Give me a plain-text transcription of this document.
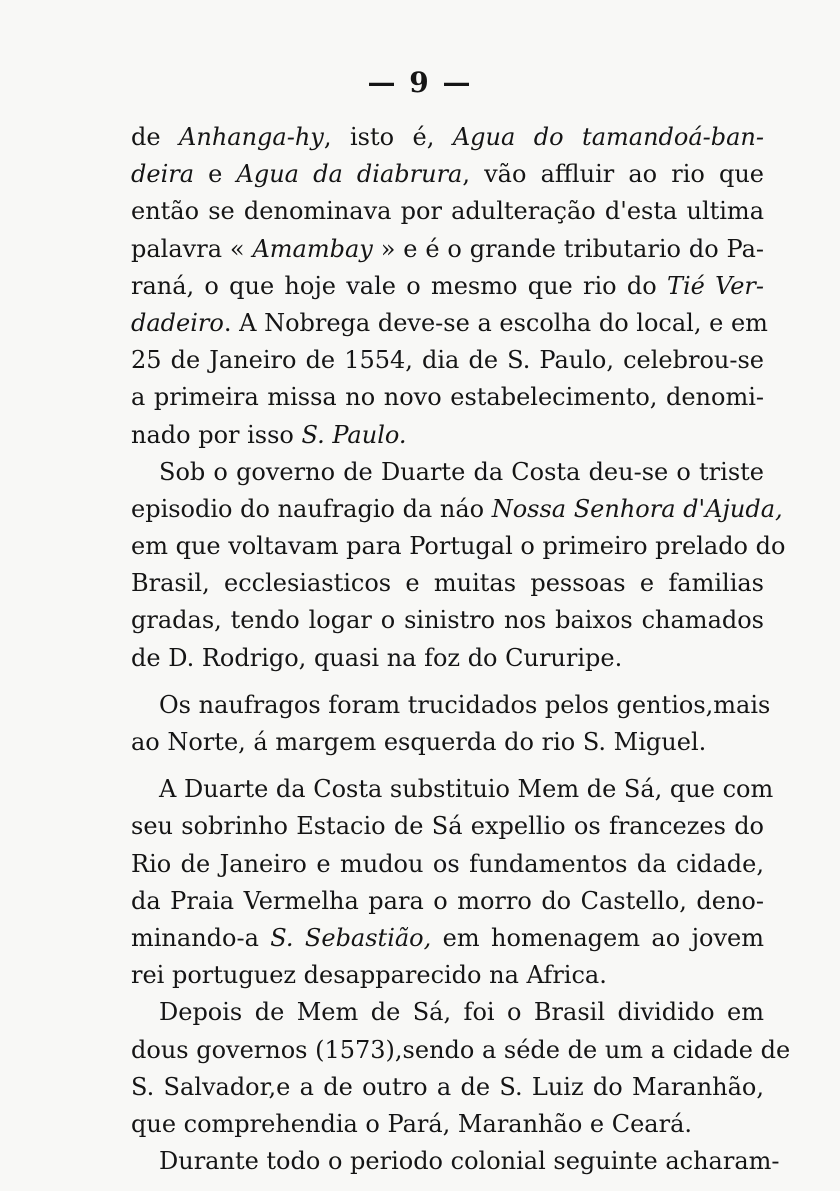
— 9 —
de Anhanga-hy, isto é, Agua do tamandoá-ban-
deira e Agua da diabrura, vão affluir ao rio que
então se denominava por adulteração d'esta ultima
palavra « Amambay » e é o grande tributario do Pa-
raná, o que hoje vale o mesmo que rio do Tié Ver-
dadeiro. A Nobrega deve-se a escolha do local, e em
25 de Janeiro de 1554, dia de S. Paulo, celebrou-se
a primeira missa no novo estabelecimento, denomi-
nado por isso S. Paulo.
Sob o governo de Duarte da Costa deu-se o triste
episodio do naufragio da náo Nossa Senhora d'Ajuda,
em que voltavam para Portugal o primeiro prelado do
Brasil, ecclesiasticos e muitas pessoas e familias
gradas, tendo logar o sinistro nos baixos chamados
de D. Rodrigo, quasi na foz do Cururipe.
Os naufragos foram trucidados pelos gentios,mais
ao Norte, á margem esquerda do rio S. Miguel.
A Duarte da Costa substituio Mem de Sá, que com
seu sobrinho Estacio de Sá expellio os francezes do
Rio de Janeiro e mudou os fundamentos da cidade,
da Praia Vermelha para o morro do Castello, deno-
minando-a S. Sebastião, em homenagem ao jovem
rei portuguez desapparecido na Africa.
Depois de Mem de Sá, foi o Brasil dividido em
dous governos (1573),sendo a séde de um a cidade de
S. Salvador,e a de outro a de S. Luiz do Maranhão,
que comprehendia o Pará, Maranhão e Ceará.
Durante todo o periodo colonial seguinte acharam-
